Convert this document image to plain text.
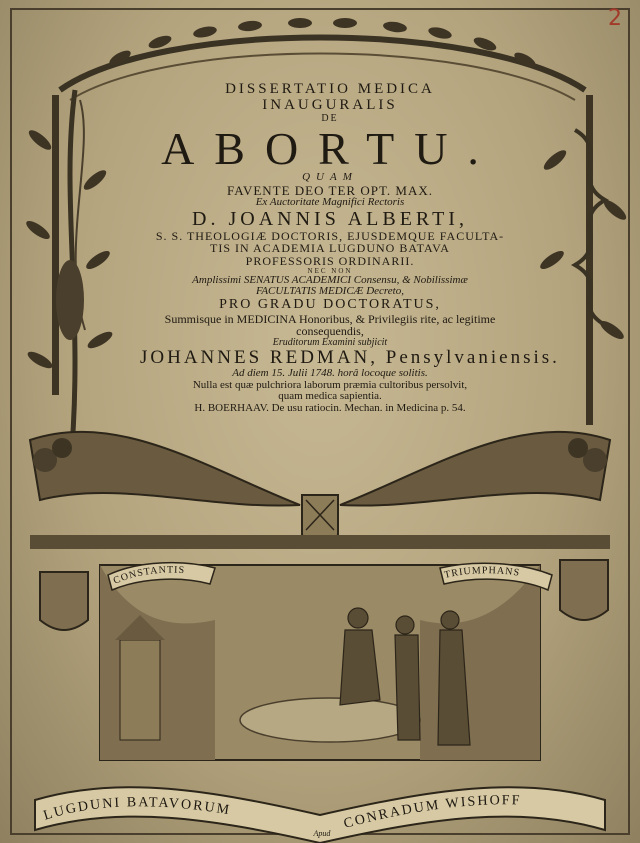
2
CONSTANTIS	TRIUMPHANS
LUGDUNI BATAVORUM
CONRADUM WISHOFF
Apud
DISSERTATIO MEDICA
INAUGURALIS
DE
ABORTU.
QUAM
FAVENTE DEO TER OPT. MAX.
Ex Auctoritate Magnifici Rectoris
D. JOANNIS ALBERTI,
S. S. THEOLOGIÆ DOCTORIS, EJUSDEMQUE FACULTA-
TIS IN ACADEMIA LUGDUNO BATAVA
PROFESSORIS ORDINARII.
NEC NON
Amplissimi SENATUS ACADEMICI Consensu, & Nobilissimæ
FACULTATIS MEDICÆ Decreto,
PRO GRADU DOCTORATUS,
Summisque in MEDICINA Honoribus, & Privilegiis rite, ac legitime
consequendis,
Eruditorum Examini subjicit
JOHANNES REDMAN, Pensylvaniensis.
Ad diem 15. Julii 1748. horâ locoque solitis.
Nulla est quæ pulchriora laborum præmia cultoribus persolvit,
quam medica sapientia.
H. BOERHAAV. De usu ratiocin. Mechan. in Medicina p. 54.
